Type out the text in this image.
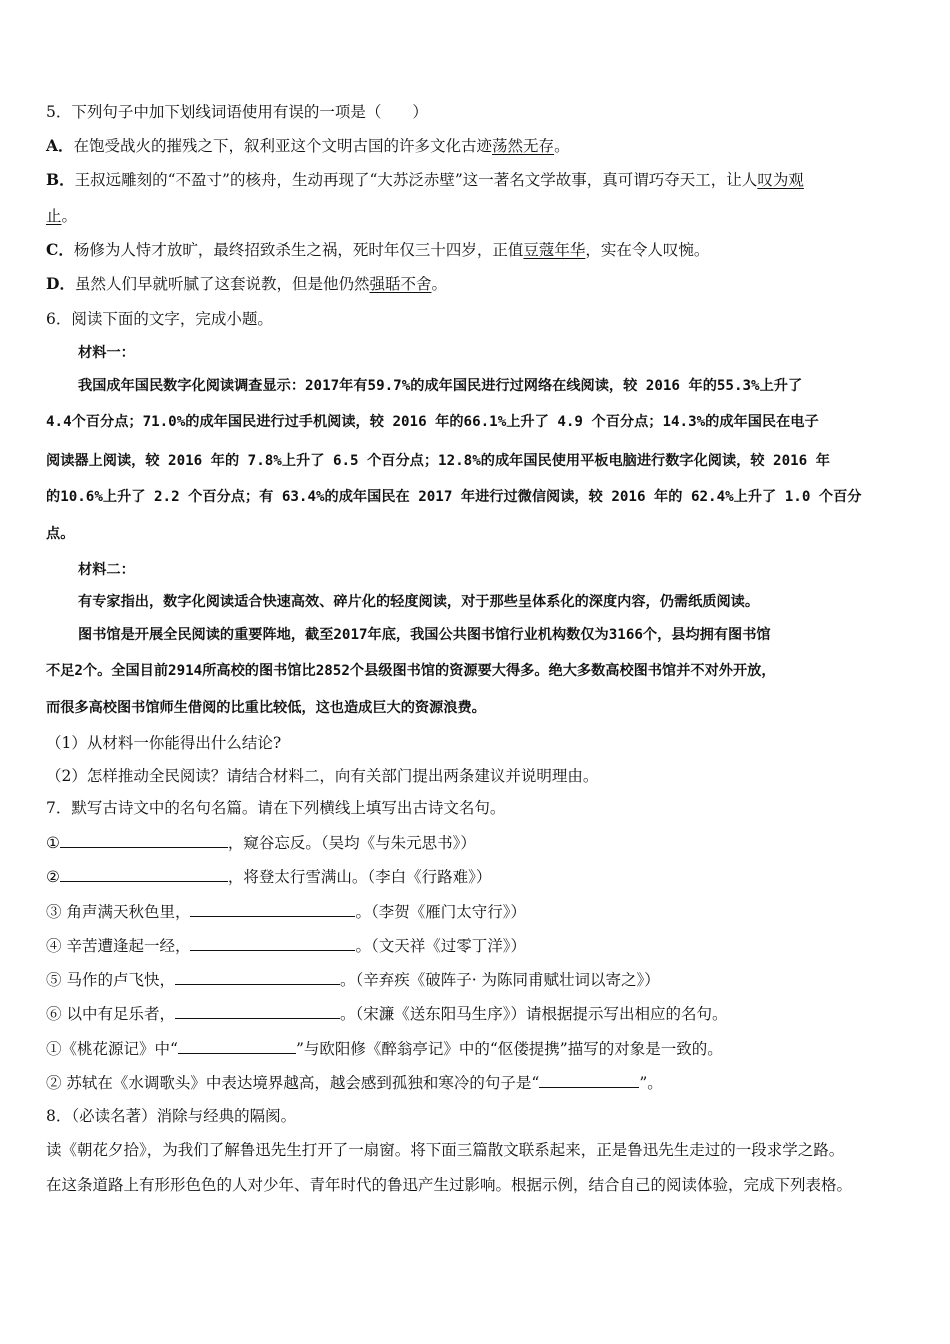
5．下列句子中加下划线词语使用有误的一项是（　　）
A．在饱受战火的摧残之下，叙利亚这个文明古国的许多文化古迹荡然无存。
B．王叔远雕刻的“不盈寸”的核舟，生动再现了“大苏泛赤壁”这一著名文学故事，真可谓巧夺天工，让人叹为观
止。
C．杨修为人恃才放旷，最终招致杀生之祸，死时年仅三十四岁，正值豆蔻年华，实在令人叹惋。
D．虽然人们早就听腻了这套说教，但是他仍然强聒不舍。
6．阅读下面的文字，完成小题。
材料一：
我国成年国民数字化阅读调查显示：2017年有59.7%的成年国民进行过网络在线阅读，较 2016 年的55.3%上升了
4.4个百分点；71.0%的成年国民进行过手机阅读，较 2016 年的66.1%上升了 4.9 个百分点；14.3%的成年国民在电子
阅读器上阅读，较 2016 年的 7.8%上升了 6.5 个百分点；12.8%的成年国民使用平板电脑进行数字化阅读，较 2016 年
的10.6%上升了 2.2 个百分点；有 63.4%的成年国民在 2017 年进行过微信阅读，较 2016 年的 62.4%上升了 1.0 个百分
点。
材料二：
有专家指出，数字化阅读适合快速高效、碎片化的轻度阅读，对于那些呈体系化的深度内容，仍需纸质阅读。
图书馆是开展全民阅读的重要阵地，截至2017年底，我国公共图书馆行业机构数仅为3166个，县均拥有图书馆
不足2个。全国目前2914所高校的图书馆比2852个县级图书馆的资源要大得多。绝大多数高校图书馆并不对外开放，
而很多高校图书馆师生借阅的比重比较低，这也造成巨大的资源浪费。
（1）从材料一你能得出什么结论?
（2）怎样推动全民阅读？请结合材料二，向有关部门提出两条建议并说明理由。
7．默写古诗文中的名句名篇。请在下列横线上填写出古诗文名句。
①	，窥谷忘反。（吴均《与朱元思书》）
②	，将登太行雪满山。（李白《行路难》）
③ 角声满天秋色里，	。（李贺《雁门太守行》）
④ 辛苦遭逢起一经，	。（文天祥《过零丁洋》）
⑤ 马作的卢飞快，	。（辛弃疾《破阵子· 为陈同甫赋壮词以寄之》）
⑥ 以中有足乐者，	。（宋濂《送东阳马生序》）请根据提示写出相应的名句。
①《桃花源记》中“	”与欧阳修《醉翁亭记》中的“伛偻提携”描写的对象是一致的。
② 苏轼在《水调歌头》中表达境界越高，越会感到孤独和寒冷的句子是“	”。
8．（必读名著）消除与经典的隔阂。
读《朝花夕拾》，为我们了解鲁迅先生打开了一扇窗。将下面三篇散文联系起来，正是鲁迅先生走过的一段求学之路。
在这条道路上有形形色色的人对少年、青年时代的鲁迅产生过影响。根据示例，结合自己的阅读体验，完成下列表格。
